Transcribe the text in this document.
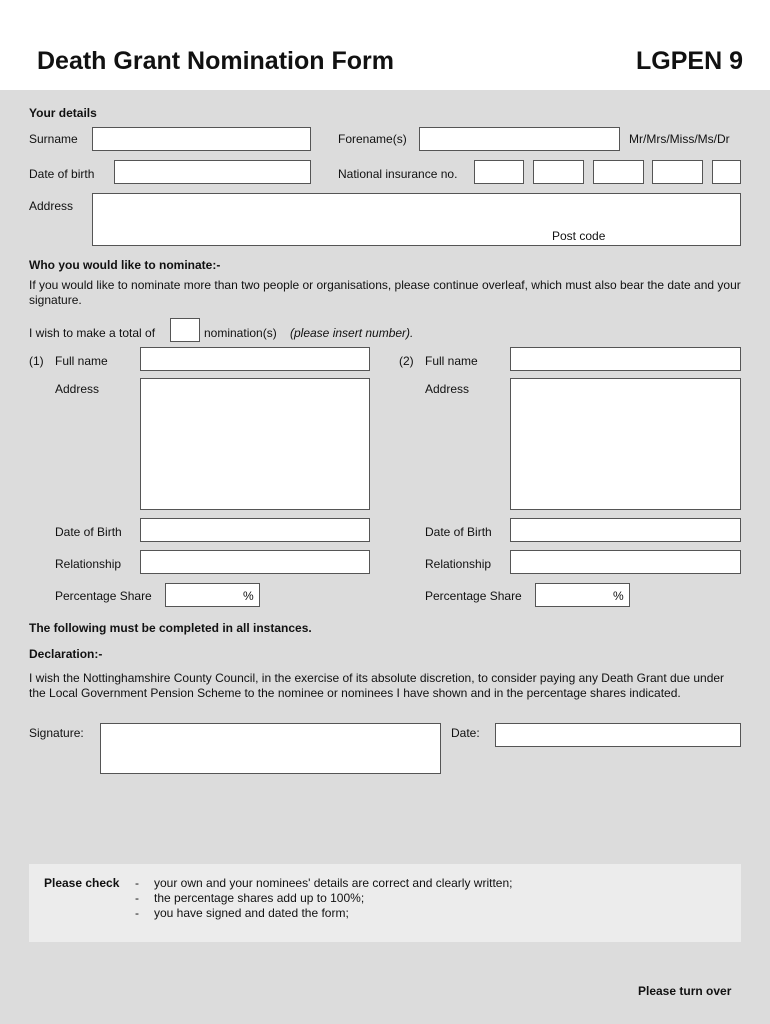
Death Grant Nomination Form	LGPEN 9
Your details
Surname	Forename(s)	Mr/Mrs/Miss/Ms/Dr
Date of birth	National insurance no.
Address
Post code
Who you would like to nominate:-
If you would like to nominate more than two people or organisations, please continue overleaf, which must also bear the date and your signature.
I wish to make a total of	nomination(s) (please insert number).
(1) Full name
Address
Date of Birth
Relationship
Percentage Share	%
(2) Full name
Address
Date of Birth
Relationship
Percentage Share	%
The following must be completed in all instances.
Declaration:-
I wish the Nottinghamshire County Council, in the exercise of its absolute discretion, to consider paying any Death Grant due under the Local Government Pension Scheme to the nominee or nominees I have shown and in the percentage shares indicated.
Signature:	Date:
Please check - your own and your nominees' details are correct and clearly written;
- the percentage shares add up to 100%;
- you have signed and dated the form;
Please turn over
